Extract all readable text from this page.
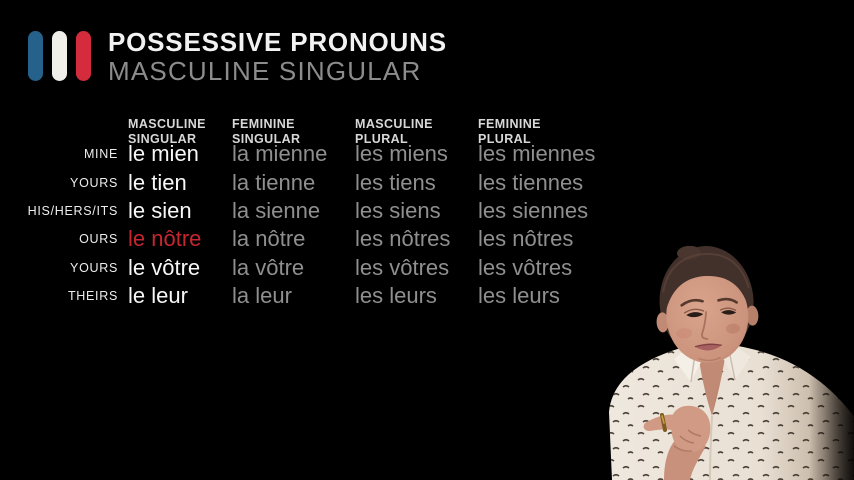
POSSESSIVE PRONOUNS
MASCULINE SINGULAR
MASCULINE
SINGULAR
FEMININE
SINGULAR
MASCULINE
PLURAL
FEMININE
PLURAL
MINE le mien	la mienne	les miens	les miennes
YOURS le tien	la tienne	les tiens	les tiennes
HIS/HERS/ITS le sien	la sienne	les siens	les siennes
OURS le nôtre	la nôtre	les nôtres	les nôtres
YOURS le vôtre	la vôtre	les vôtres	les vôtres
THEIRS le leur	la leur	les leurs	les leurs
